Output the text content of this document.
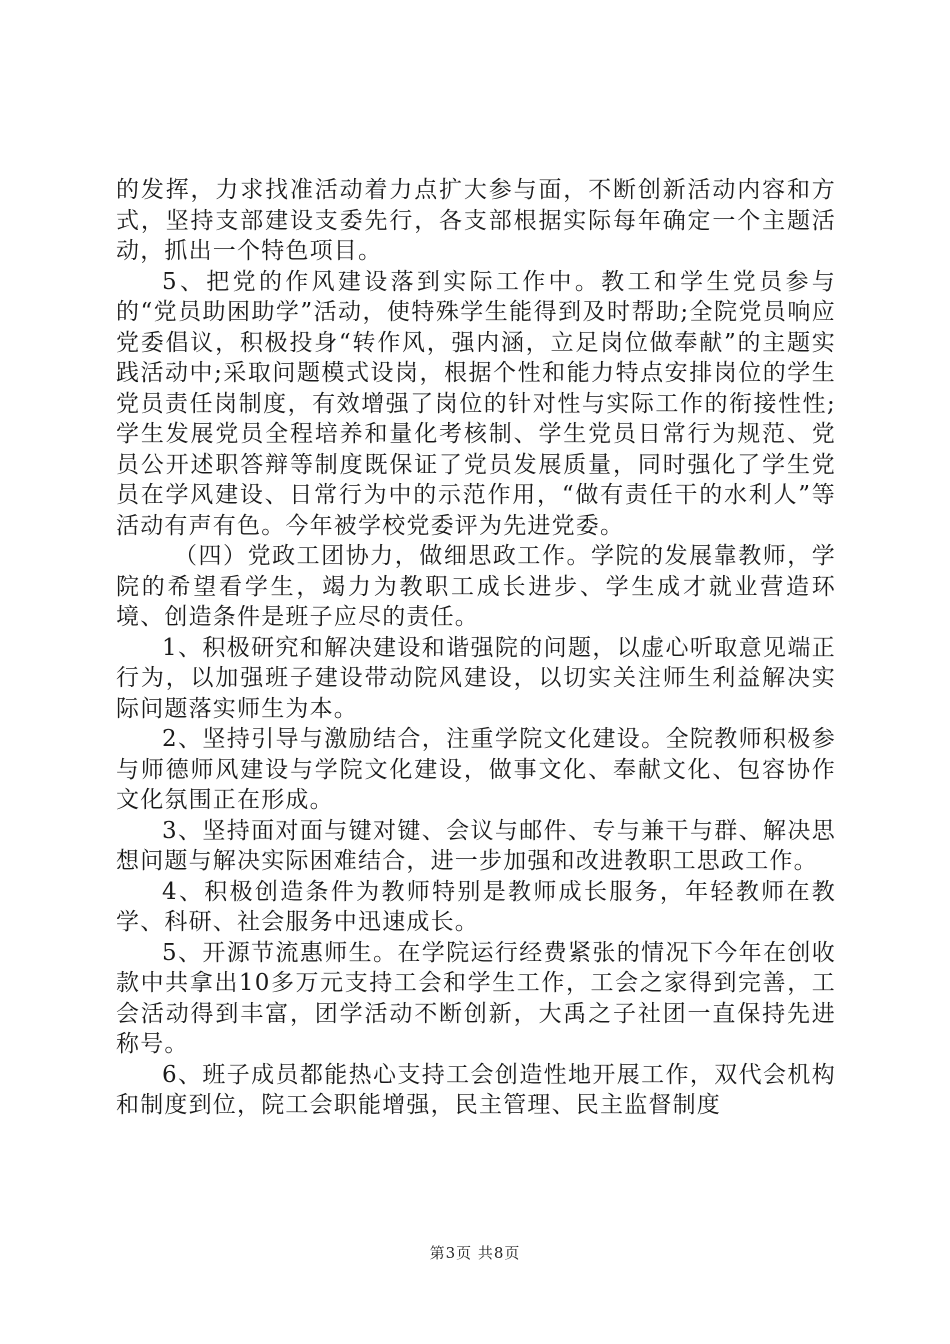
的发挥，力求找准活动着力点扩大参与面，不断创新活动内容和方式，坚持支部建设支委先行，各支部根据实际每年确定一个主题活动，抓出一个特色项目。

5、把党的作风建设落到实际工作中。教工和学生党员参与的“党员助困助学”活动，使特殊学生能得到及时帮助;全院党员响应党委倡议，积极投身“转作风，强内涵，立足岗位做奉献”的主题实践活动中;采取问题模式设岗，根据个性和能力特点安排岗位的学生党员责任岗制度，有效增强了岗位的针对性与实际工作的衔接性性;学生发展党员全程培养和量化考核制、学生党员日常行为规范、党员公开述职答辩等制度既保证了党员发展质量，同时强化了学生党员在学风建设、日常行为中的示范作用，“做有责任干的水利人”等活动有声有色。今年被学校党委评为先进党委。

（四）党政工团协力，做细思政工作。学院的发展靠教师，学院的希望看学生，竭力为教职工成长进步、学生成才就业营造环境、创造条件是班子应尽的责任。

1、积极研究和解决建设和谐强院的问题，以虚心听取意见端正行为，以加强班子建设带动院风建设，以切实关注师生利益解决实际问题落实师生为本。

2、坚持引导与激励结合，注重学院文化建设。全院教师积极参与师德师风建设与学院文化建设，做事文化、奉献文化、包容协作文化氛围正在形成。

3、坚持面对面与键对键、会议与邮件、专与兼干与群、解决思想问题与解决实际困难结合，进一步加强和改进教职工思政工作。

4、积极创造条件为教师特别是教师成长服务，年轻教师在教学、科研、社会服务中迅速成长。

5、开源节流惠师生。在学院运行经费紧张的情况下今年在创收款中共拿出10多万元支持工会和学生工作，工会之家得到完善，工会活动得到丰富，团学活动不断创新，大禹之子社团一直保持先进称号。

6、班子成员都能热心支持工会创造性地开展工作，双代会机构和制度到位，院工会职能增强，民主管理、民主监督制度

第3页 共8页
